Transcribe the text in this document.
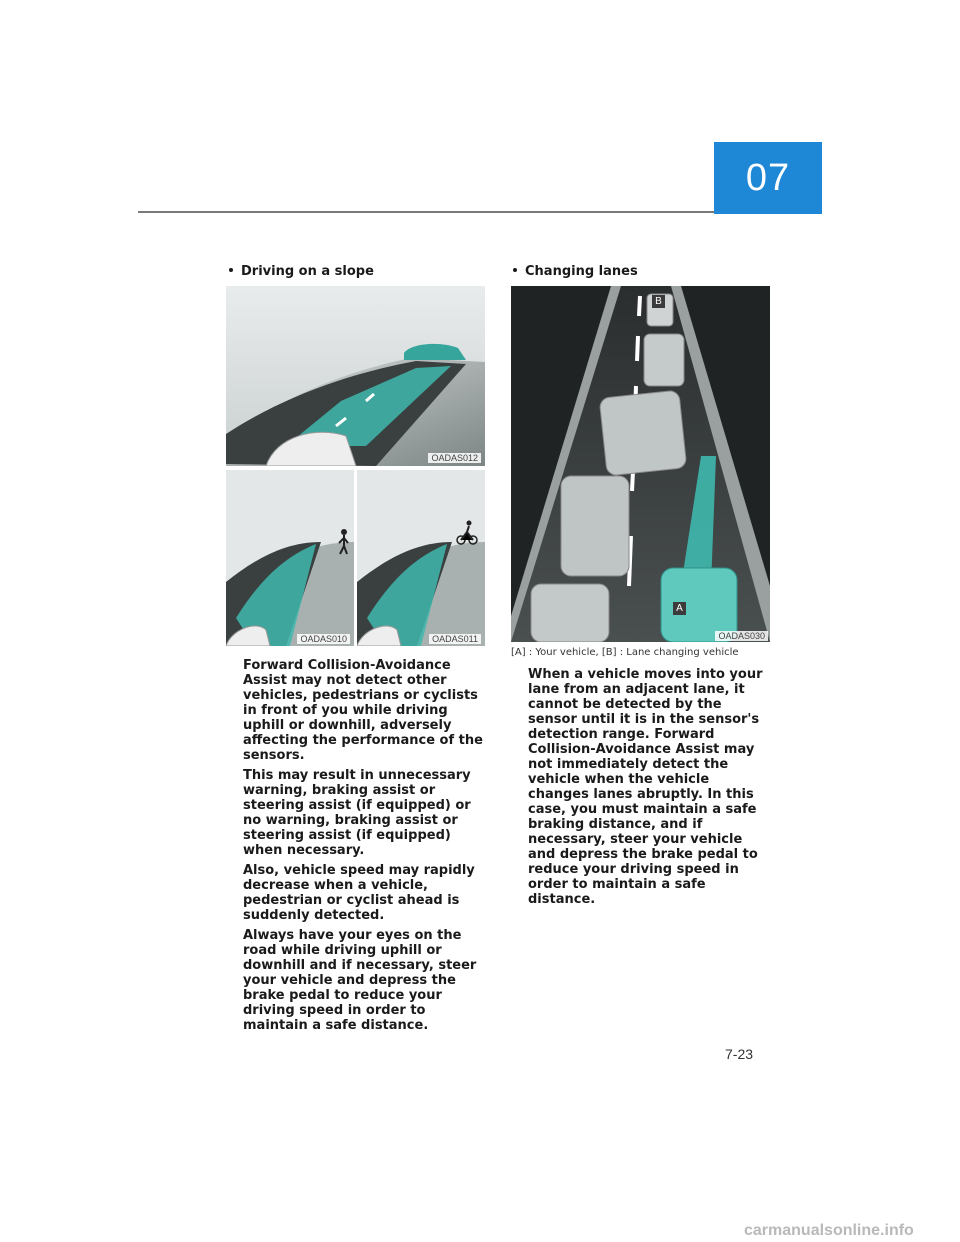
07
Driving on a slope
OADAS012
OADAS010	OADAS011

Forward Collision-Avoidance Assist may not detect other vehicles, pedestrians or cyclists in front of you while driving uphill or downhill, adversely affecting the performance of the sensors.

This may result in unnecessary warning, braking assist or steering assist (if equipped) or no warning, braking assist or steering assist (if equipped) when necessary.

Also, vehicle speed may rapidly decrease when a vehicle, pedestrian or cyclist ahead is suddenly detected.

Always have your eyes on the road while driving uphill or downhill and if necessary, steer your vehicle and depress the brake pedal to reduce your driving speed in order to maintain a safe distance.

Changing lanes
A
B
OADAS030
[A] : Your vehicle, [B] : Lane changing vehicle

When a vehicle moves into your lane from an adjacent lane, it cannot be detected by the sensor until it is in the sensor's detection range. Forward Collision-Avoidance Assist may not immediately detect the vehicle when the vehicle changes lanes abruptly. In this case, you must maintain a safe braking distance, and if necessary, steer your vehicle and depress the brake pedal to reduce your driving speed in order to maintain a safe distance.

7-23
carmanualsonline.info
